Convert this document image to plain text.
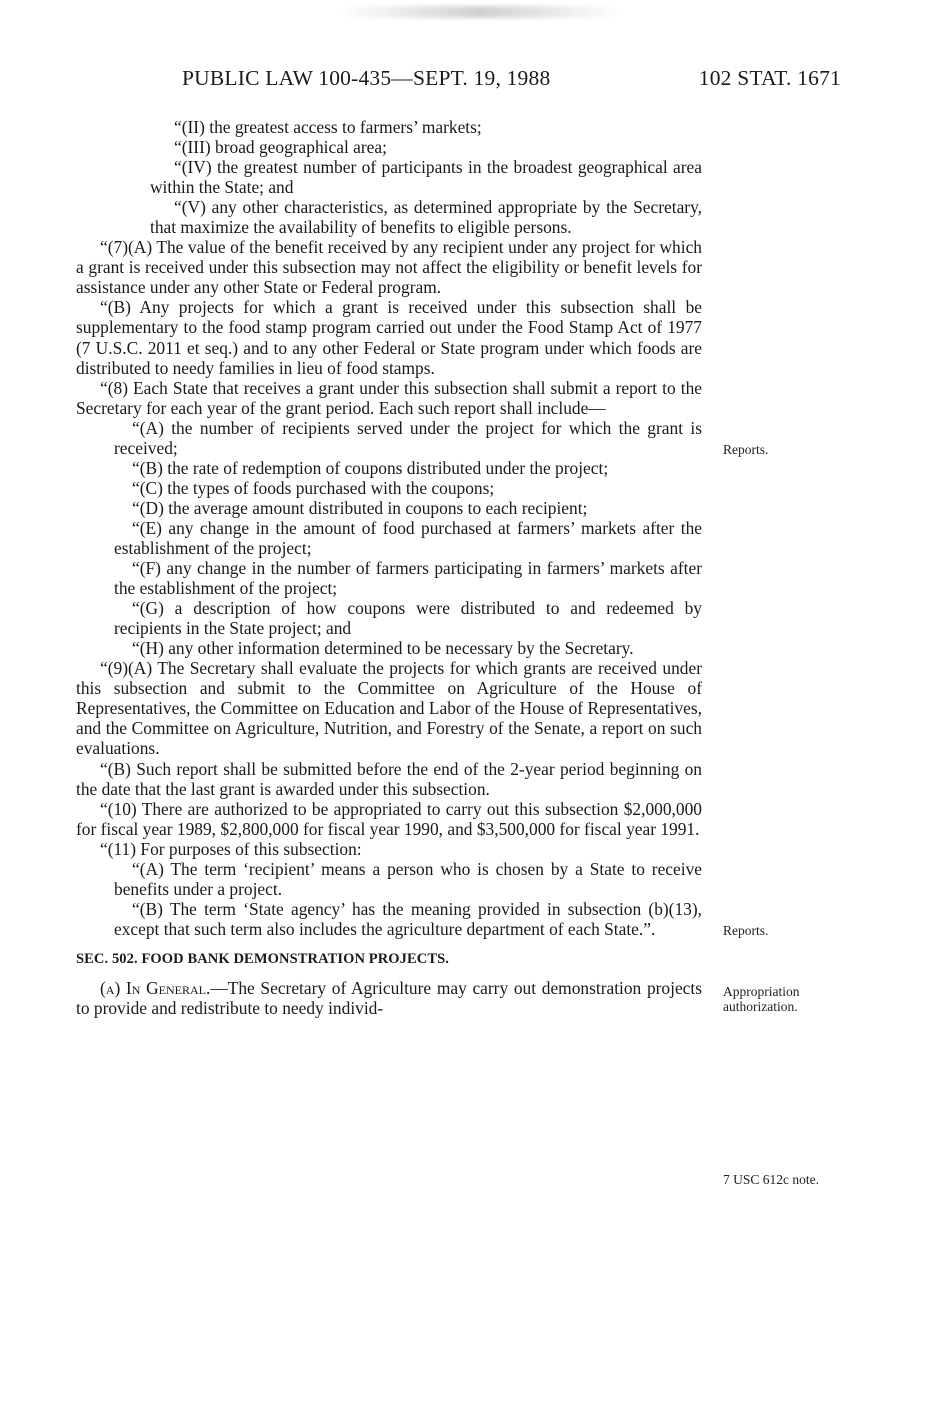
PUBLIC LAW 100-435—SEPT. 19, 1988	102 STAT. 1671

“(II) the greatest access to farmers’ markets;

“(III) broad geographical area;

“(IV) the greatest number of participants in the broadest geographical area within the State; and

“(V) any other characteristics, as determined appropriate by the Secretary, that maximize the availability of benefits to eligible persons.

“(7)(A) The value of the benefit received by any recipient under any project for which a grant is received under this subsection may not affect the eligibility or benefit levels for assistance under any other State or Federal program.

“(B) Any projects for which a grant is received under this subsection shall be supplementary to the food stamp program carried out under the Food Stamp Act of 1977 (7 U.S.C. 2011 et seq.) and to any other Federal or State program under which foods are distributed to needy families in lieu of food stamps.

“(8) Each State that receives a grant under this subsection shall submit a report to the Secretary for each year of the grant period. Each such report shall include—

“(A) the number of recipients served under the project for which the grant is received;

“(B) the rate of redemption of coupons distributed under the project;

“(C) the types of foods purchased with the coupons;

“(D) the average amount distributed in coupons to each recipient;

“(E) any change in the amount of food purchased at farmers’ markets after the establishment of the project;

“(F) any change in the number of farmers participating in farmers’ markets after the establishment of the project;

“(G) a description of how coupons were distributed to and redeemed by recipients in the State project; and

“(H) any other information determined to be necessary by the Secretary.

“(9)(A) The Secretary shall evaluate the projects for which grants are received under this subsection and submit to the Committee on Agriculture of the House of Representatives, the Committee on Education and Labor of the House of Representatives, and the Committee on Agriculture, Nutrition, and Forestry of the Senate, a report on such evaluations.

“(B) Such report shall be submitted before the end of the 2-year period beginning on the date that the last grant is awarded under this subsection.

“(10) There are authorized to be appropriated to carry out this subsection $2,000,000 for fiscal year 1989, $2,800,000 for fiscal year 1990, and $3,500,000 for fiscal year 1991.

“(11) For purposes of this subsection:

“(A) The term ‘recipient’ means a person who is chosen by a State to receive benefits under a project.

“(B) The term ‘State agency’ has the meaning provided in subsection (b)(13), except that such term also includes the agriculture department of each State.”.

SEC. 502. FOOD BANK DEMONSTRATION PROJECTS.

(a) In General.—The Secretary of Agriculture may carry out demonstration projects to provide and redistribute to needy individ-

Reports.
Reports.
Appropriation
authorization.
7 USC 612c note.
